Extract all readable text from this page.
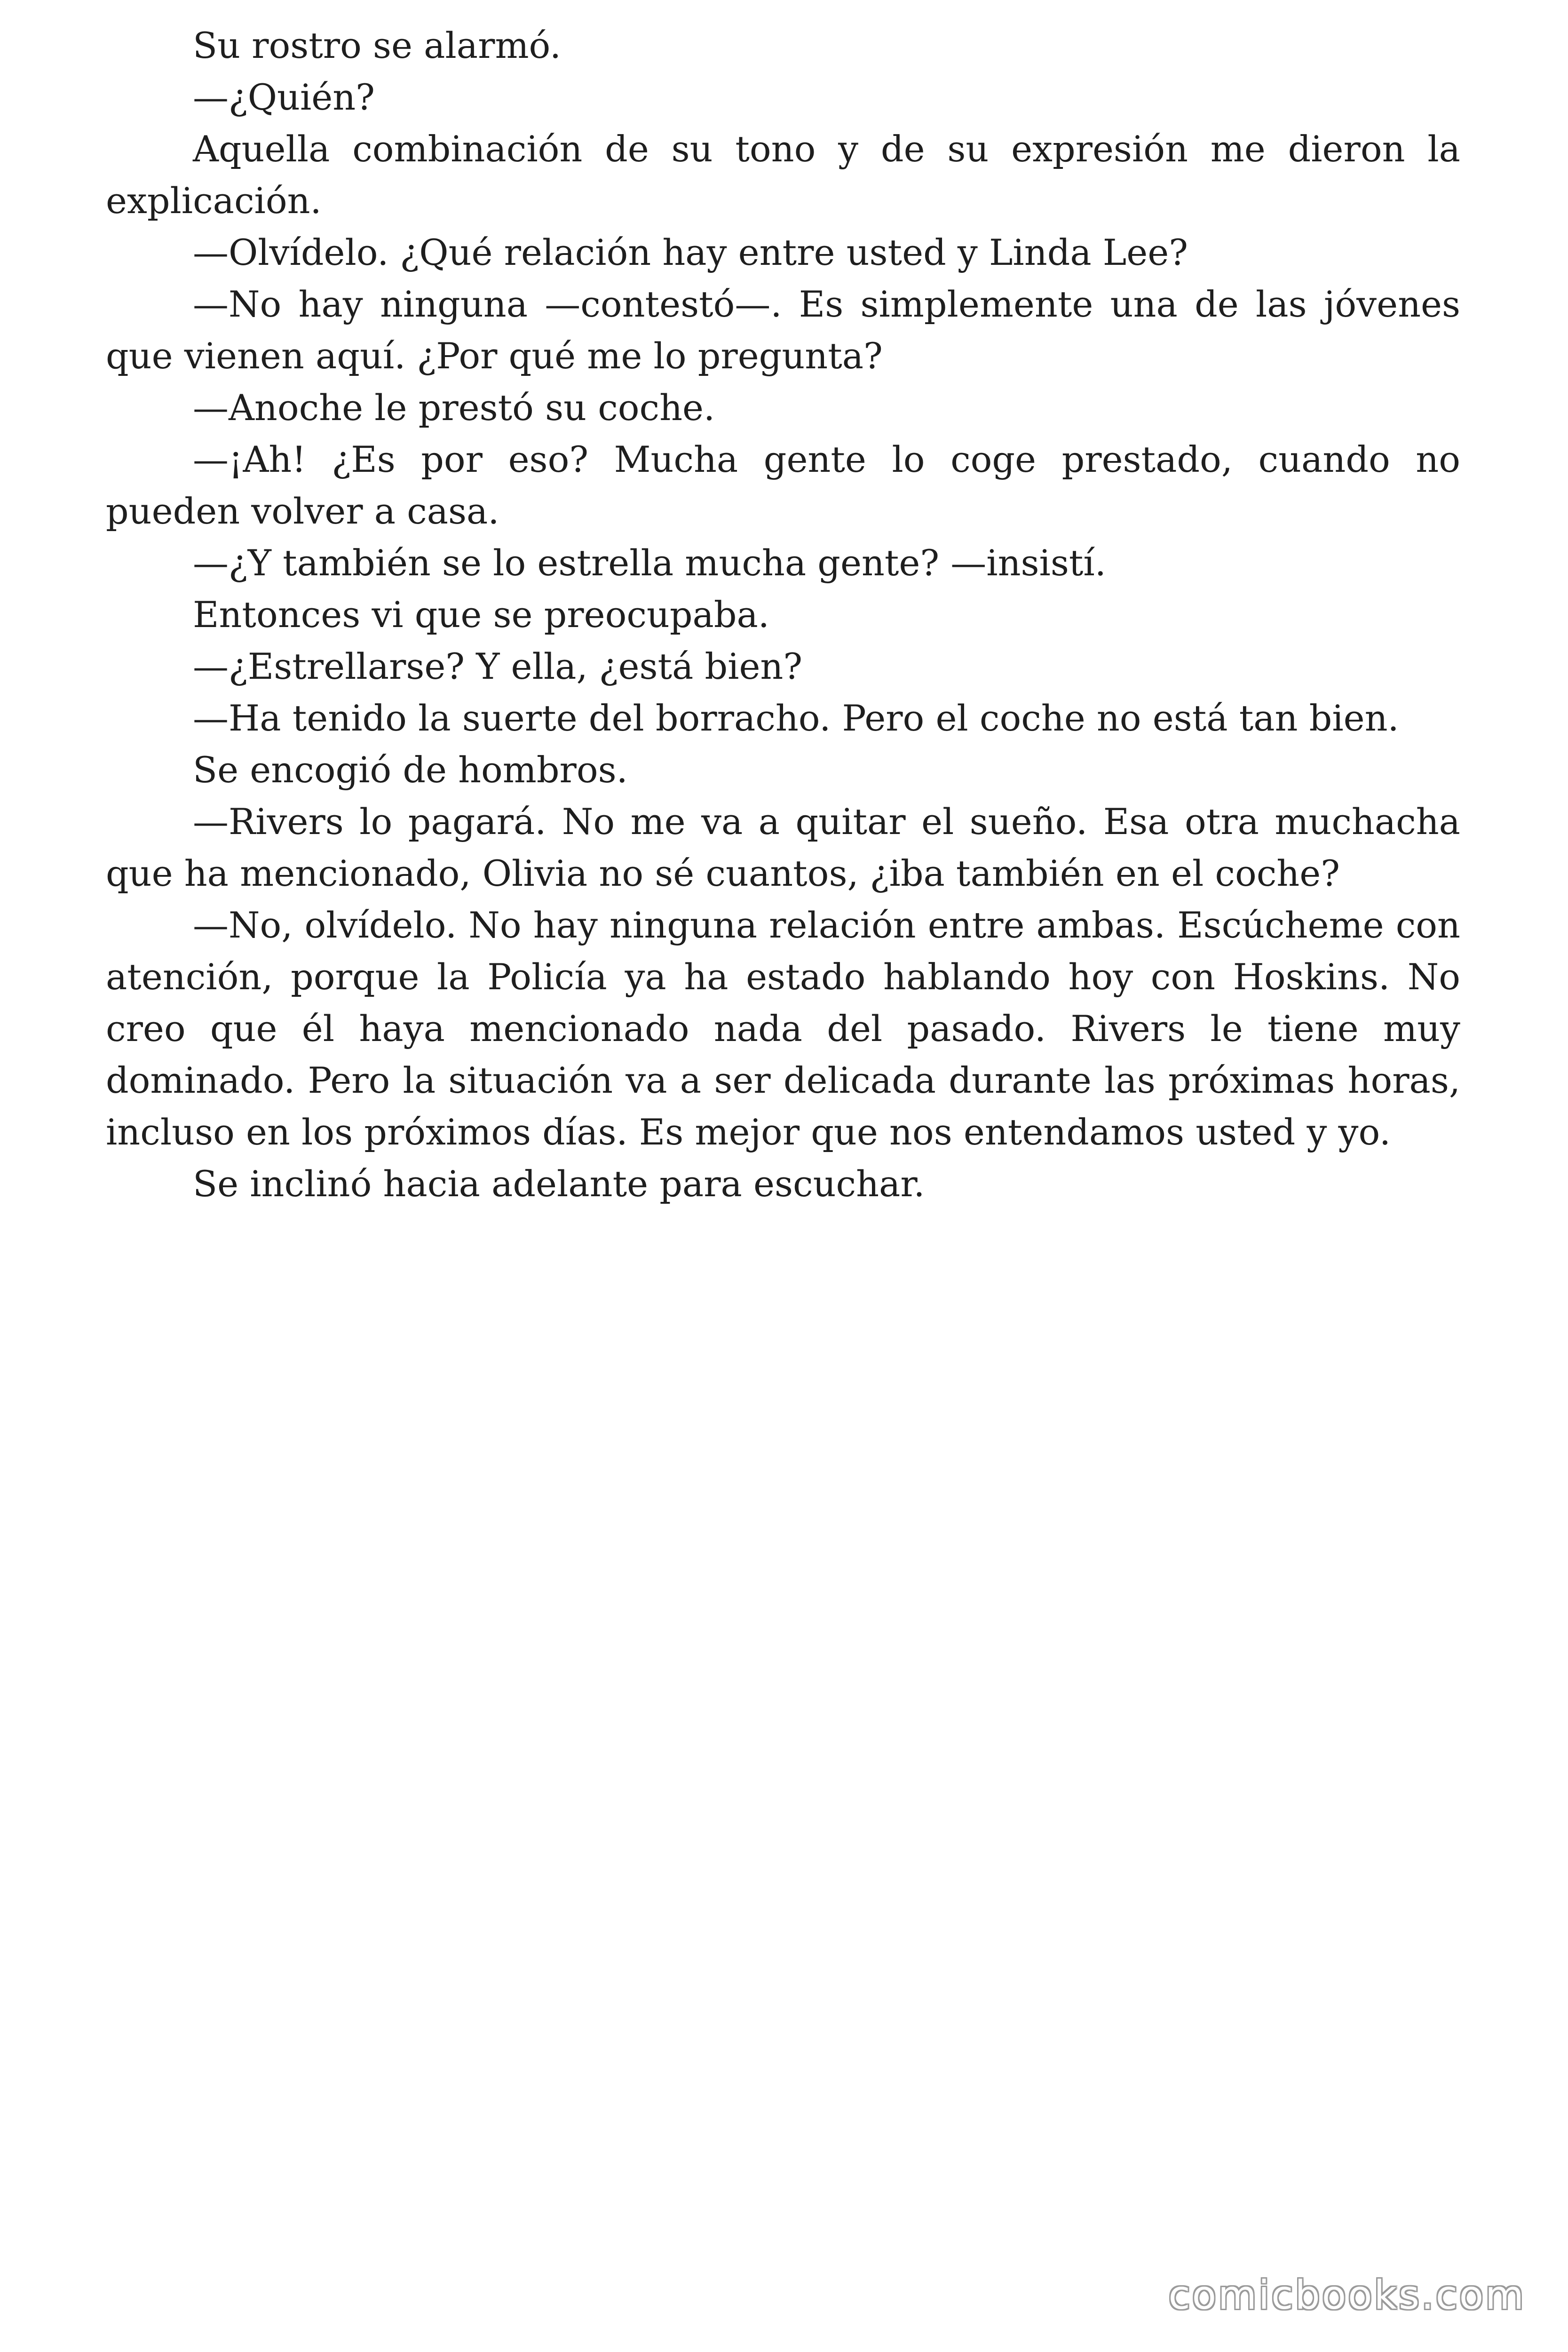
Su rostro se alarmó.

—¿Quién?

Aquella combinación de su tono y de su expresión me dieron la explicación.

—Olvídelo. ¿Qué relación hay entre usted y Linda Lee?

—No hay ninguna —contestó—. Es simplemente una de las jóvenes que vienen aquí. ¿Por qué me lo pregunta?

—Anoche le prestó su coche.

—¡Ah! ¿Es por eso? Mucha gente lo coge prestado, cuando no pueden volver a casa.

—¿Y también se lo estrella mucha gente? —insistí.

Entonces vi que se preocupaba.

—¿Estrellarse? Y ella, ¿está bien?

—Ha tenido la suerte del borracho. Pero el coche no está tan bien.

Se encogió de hombros.

—Rivers lo pagará. No me va a quitar el sueño. Esa otra muchacha que ha mencionado, Olivia no sé cuantos, ¿iba también en el coche?

—No, olvídelo. No hay ninguna relación entre ambas. Escúcheme con atención, porque la Policía ya ha estado hablando hoy con Hoskins. No creo que él haya mencionado nada del pasado. Rivers le tiene muy dominado. Pero la situación va a ser delicada durante las próximas horas, incluso en los próximos días. Es mejor que nos entendamos usted y yo.

Se inclinó hacia adelante para escuchar.

comicbooks.com
